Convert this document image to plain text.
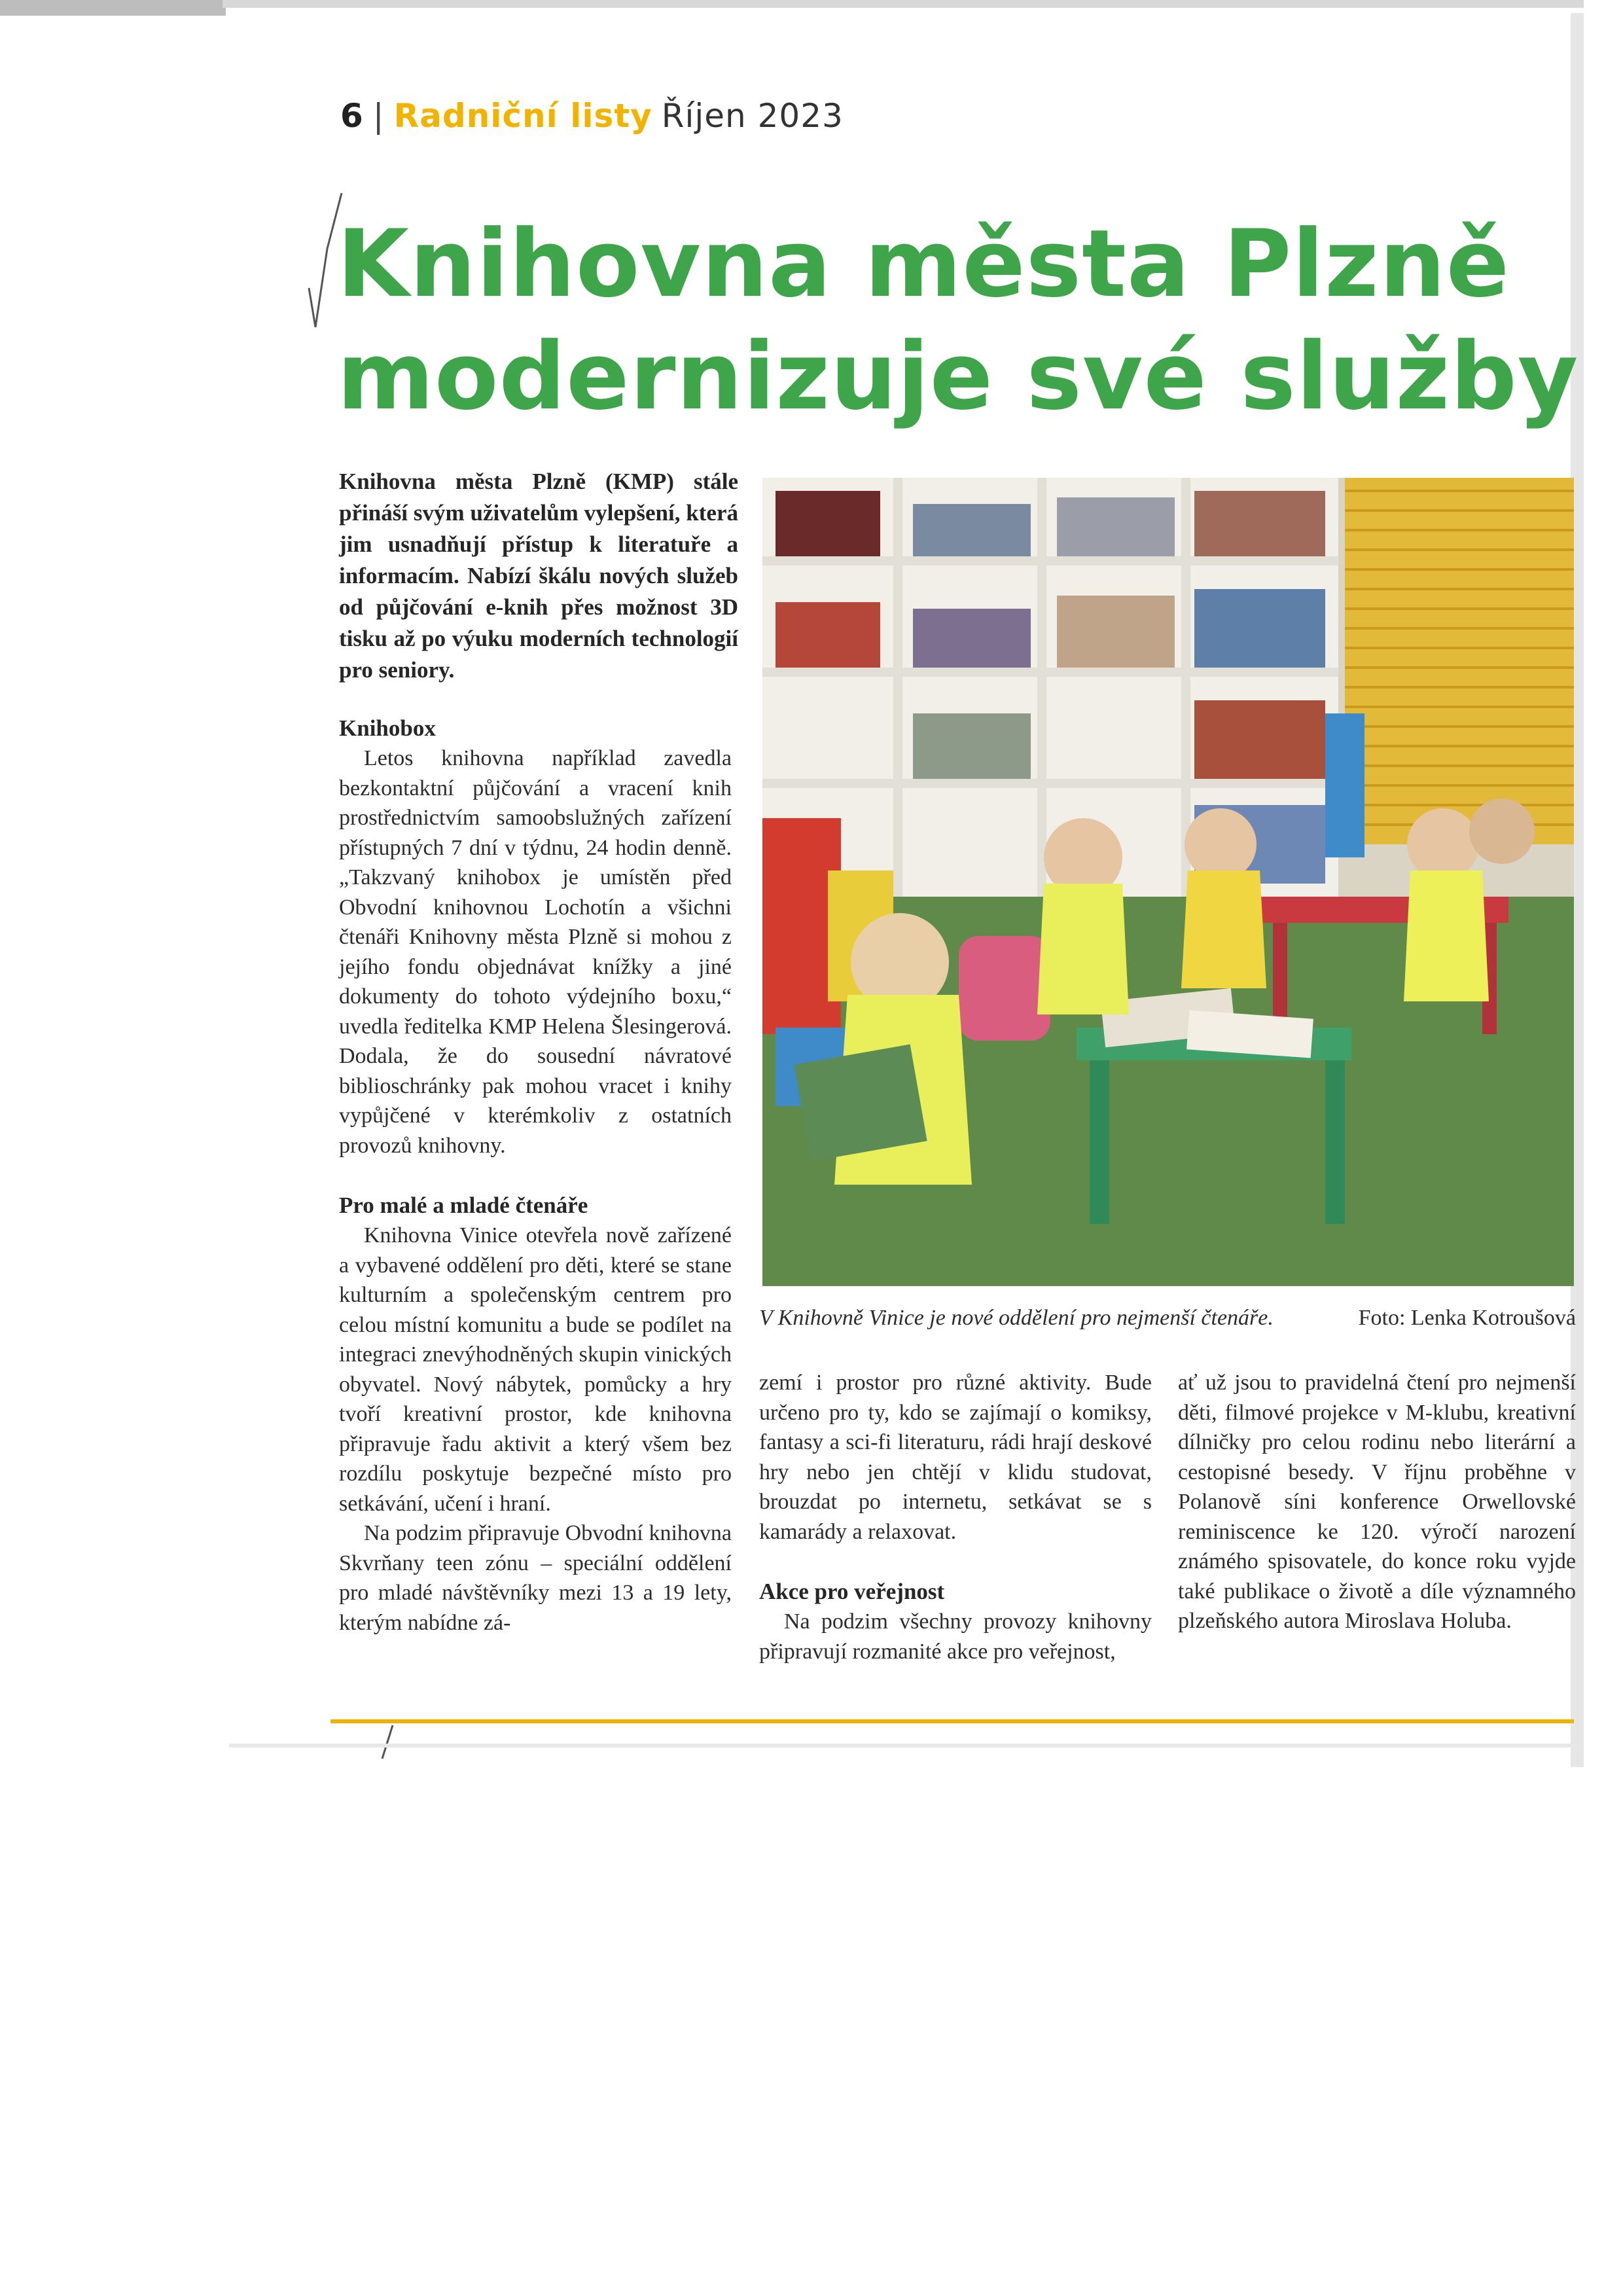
6 | Radniční listy Říjen 2023
Knihovna města Plzně
modernizuje své služby
Knihovna města Plzně (KMP) stále přináší svým uživatelům vylepšení, která jim usnadňují přístup k literatuře a informacím. Nabízí škálu nových služeb od půjčování e-knih přes možnost 3D tisku až po výuku moderních technologií pro seniory.
Knihobox

Letos knihovna například zavedla bezkontaktní půjčování a vracení knih prostřednictvím samoobslužných zařízení přístupných 7 dní v týdnu, 24 hodin denně. „Takzvaný knihobox je umístěn před Obvodní knihovnou Lochotín a všichni čtenáři Knihovny města Plzně si mohou z jejího fondu objednávat knížky a jiné dokumenty do tohoto výdejního boxu,“ uvedla ředitelka KMP Helena Šlesingerová. Dodala, že do sousední návratové biblioschránky pak mohou vracet i knihy vypůjčené v kterémkoliv z ostatních provozů knihovny.

Pro malé a mladé čtenáře

Knihovna Vinice otevřela nově zařízené a vybavené oddělení pro děti, které se stane kulturním a společenským centrem pro celou místní komunitu a bude se podílet na integraci znevýhodněných skupin vinických obyvatel. Nový nábytek, pomůcky a hry tvoří kreativní prostor, kde knihovna připravuje řadu aktivit a který všem bez rozdílu poskytuje bezpečné místo pro setkávání, učení i hraní.

Na podzim připravuje Obvodní knihovna Skvrňany teen zónu – speciální oddělení pro mladé návštěvníky mezi 13 a 19 lety, kterým nabídne zá-

V Knihovně Vinice je nové oddělení pro nejmenší čtenáře.	Foto: Lenka Kotroušová

zemí i prostor pro různé aktivity. Bude určeno pro ty, kdo se zajímají o komiksy, fantasy a sci-fi literaturu, rádi hrají deskové hry nebo jen chtějí v klidu studovat, brouzdat po internetu, setkávat se s kamarády a relaxovat.

Akce pro veřejnost

Na podzim všechny provozy knihovny připravují rozmanité akce pro veřejnost,

ať už jsou to pravidelná čtení pro nejmenší děti, filmové projekce v M-klubu, kreativní dílničky pro celou rodinu nebo literární a cestopisné besedy. V říjnu proběhne v Polanově síni konference Orwellovské reminiscence ke 120. výročí narození známého spisovatele, do konce roku vyjde také publikace o životě a díle významného plzeňského autora Miroslava Holuba.
